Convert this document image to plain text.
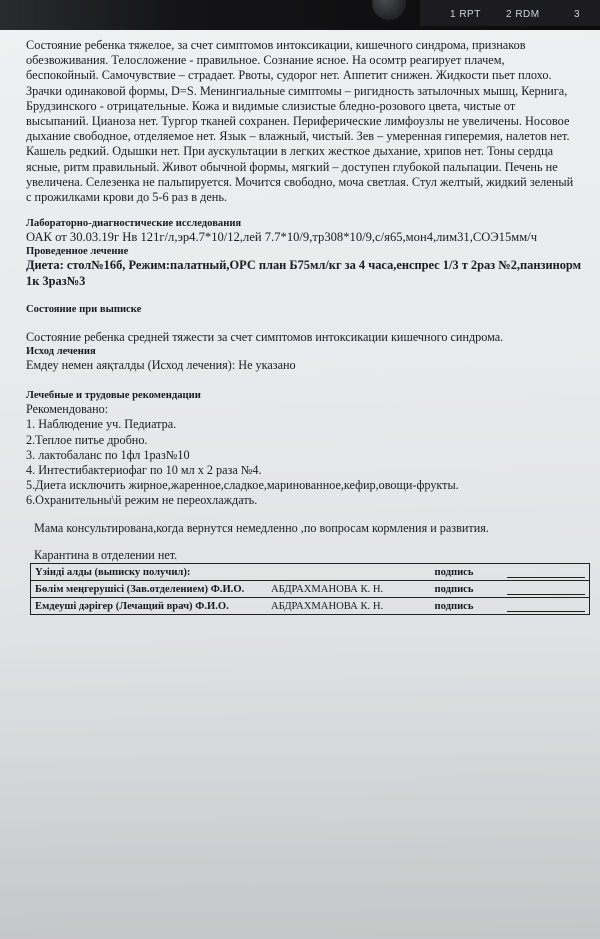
1 RPT	2 RDM	3

Состояние ребенка тяжелое, за счет симптомов интоксикации, кишечного синдрома, признаков
обезвоживания. Телосложение - правильное. Сознание ясное. На осомтр реагирует плачем,
беспокойный. Самочувствие – страдает. Рвоты, судорог нет. Аппетит снижен. Жидкости пьет плохо.
Зрачки одинаковой формы, D=S. Менингиальные симптомы – ригидность затылочных мышц, Кернига,
Брудзинского - отрицательные. Кожа и видимые слизистые бледно-розового цвета, чистые от
высыпаний. Цианоза нет. Тургор тканей сохранен. Периферические лимфоузлы не увеличены. Носовое
дыхание свободное, отделяемое нет. Язык – влажный, чистый. Зев – умеренная гиперемия, налетов нет.
Кашель редкий. Одышки нет. При аускультации в легких жесткое дыхание, хрипов нет. Тоны сердца
ясные, ритм правильный. Живот обычной формы, мягкий – доступен глубокой пальпации. Печень не
увеличена. Селезенка не пальпируется. Мочится свободно, моча светлая. Стул желтый, жидкий зеленый
с прожилками крови до 5-6 раз в день.

Лабораторно-диагностические исследования

ОАК от 30.03.19г Нв 121г/л,эр4.7*10/12,лей 7.7*10/9,тр308*10/9,с/я65,мон4,лим31,СОЭ15мм/ч

Проведенное лечение

Диета: стол№16б, Режим:палатный,ОРС план Б75мл/кг за 4 часа,енспрес 1/3 т 2раз №2,панзинорм

1к 3раз№3

Состояние при выписке

Состояние ребенка средней тяжести за счет симптомов интоксикации кишечного синдрома.

Исход лечения

Емдеу немен аяқталды (Исход лечения): Не указано

Лечебные и трудовые рекомендации

Рекомендовано:

1. Наблюдение уч. Педиатра.

2.Теплое питье дробно.

3. лактобаланс по 1фл 1раз№10

4. Интестибактериофаг по 10 мл х 2 раза №4.

5.Диета исключить жирное,жаренное,сладкое,маринованное,кефир,овощи-фрукты.

6.Охранительны\й режим не переохлаждать.

Мама консультирована,когда вернутся немедленно ,по вопросам кормления и развития.

Карантина в отделении нет.

Үзінді алды (выписку получил):		подпись	
Бөлім меңгерушісі (Зав.отделением) Ф.И.О.	АБДРАХМАНОВА К. Н.	подпись	
Емдеуші дәрігер (Лечащий врач) Ф.И.О.	АБДРАХМАНОВА К. Н.	подпись	
